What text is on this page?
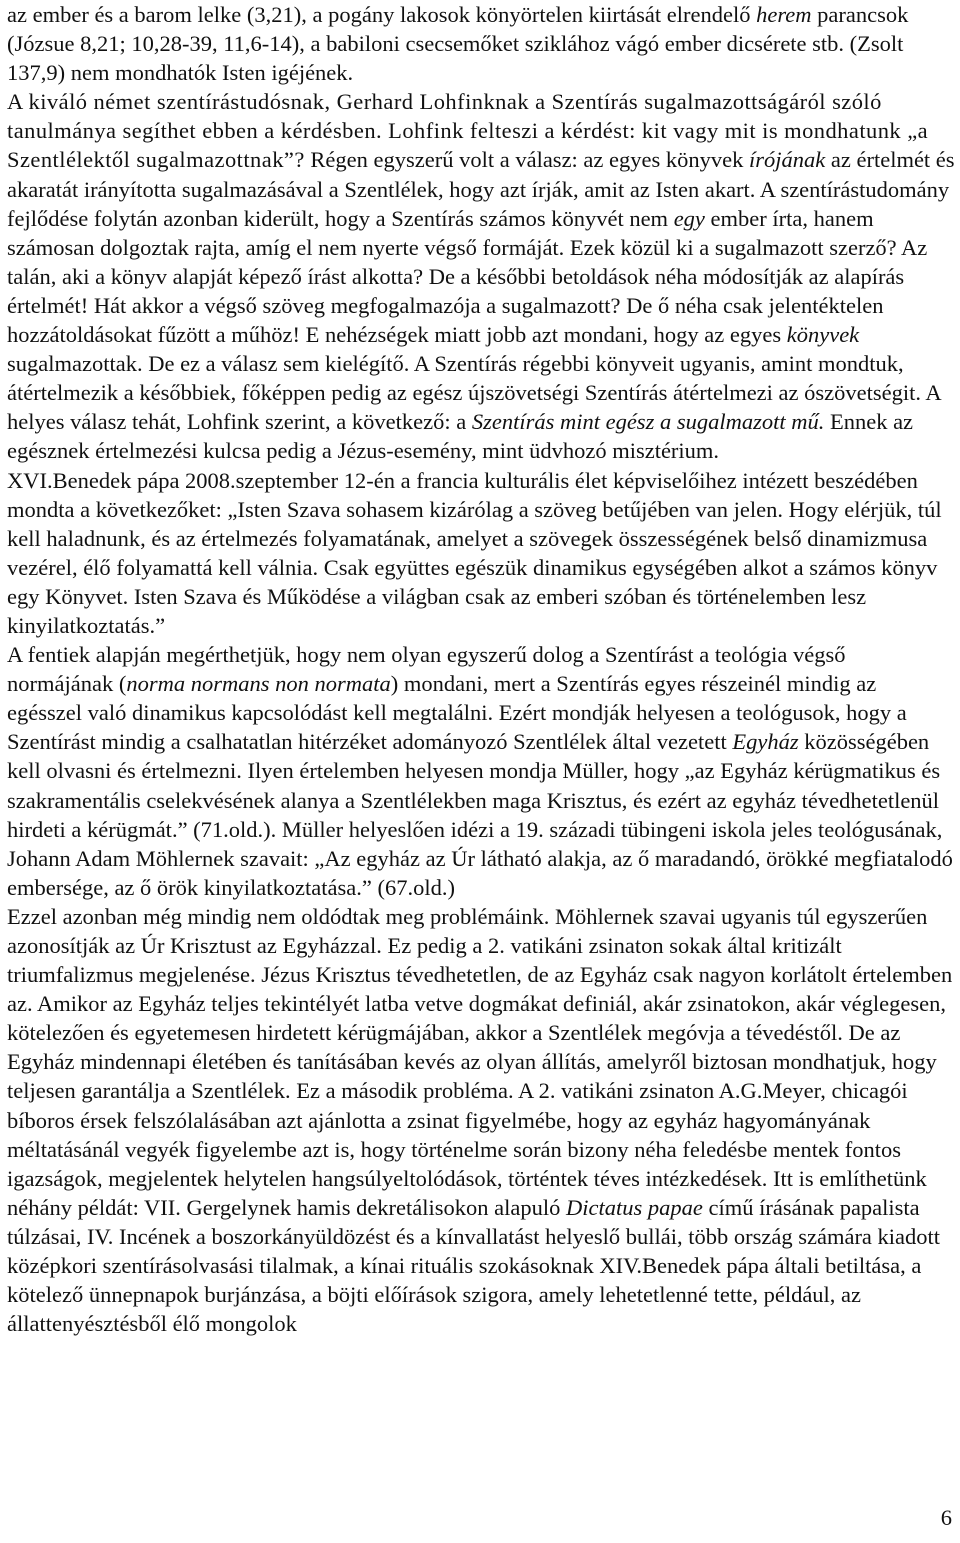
az ember és a barom lelke (3,21), a pogány lakosok könyörtelen kiirtását elrendelő herem parancsok (Józsue 8,21; 10,28-39, 11,6-14), a babiloni csecsemőket sziklához vágó ember dicsérete stb. (Zsolt 137,9) nem mondhatók Isten igéjének.

A kiváló német szentírástudósnak, Gerhard Lohfinknak a Szentírás sugalmazottságáról szóló tanulmánya segíthet ebben a kérdésben. Lohfink felteszi a kérdést: kit vagy mit is mondhatunk „a Szentlélektől sugalmazottnak”? Régen egyszerű volt a válasz: az egyes könyvek írójának az értelmét és akaratát irányította sugalmazásával a Szentlélek, hogy azt írják, amit az Isten akart. A szentírástudomány fejlődése folytán azonban kiderült, hogy a Szentírás számos könyvét nem egy ember írta, hanem számosan dolgoztak rajta, amíg el nem nyerte végső formáját. Ezek közül ki a sugalmazott szerző? Az talán, aki a könyv alapját képező írást alkotta? De a későbbi betoldások néha módosítják az alapírás értelmét! Hát akkor a végső szöveg megfogalmazója a sugalmazott? De ő néha csak jelentéktelen hozzátoldásokat fűzött a műhöz! E nehézségek miatt jobb azt mondani, hogy az egyes könyvek sugalmazottak. De ez a válasz sem kielégítő. A Szentírás régebbi könyveit ugyanis, amint mondtuk, átértelmezik a későbbiek, főképpen pedig az egész újszövetségi Szentírás átértelmezi az ószövetségit. A helyes válasz tehát, Lohfink szerint, a következő: a Szentírás mint egész a sugalmazott mű. Ennek az egésznek értelmezési kulcsa pedig a Jézus-esemény, mint üdvhozó misztérium.

XVI.Benedek pápa 2008.szeptember 12-én a francia kulturális élet képviselőihez intézett beszédében mondta a következőket: „Isten Szava sohasem kizárólag a szöveg betűjében van jelen. Hogy elérjük, túl kell haladnunk, és az értelmezés folyamatának, amelyet a szövegek összességének belső dinamizmusa vezérel, élő folyamattá kell válnia. Csak együttes egészük dinamikus egységében alkot a számos könyv egy Könyvet. Isten Szava és Működése a világban csak az emberi szóban és történelemben lesz kinyilatkoztatás.”

A fentiek alapján megérthetjük, hogy nem olyan egyszerű dolog a Szentírást a teológia végső normájának (norma normans non normata) mondani, mert a Szentírás egyes részeinél mindig az egésszel való dinamikus kapcsolódást kell megtalálni. Ezért mondják helyesen a teológusok, hogy a Szentírást mindig a csalhatatlan hitérzéket adományozó Szentlélek által vezetett Egyház közösségében kell olvasni és értelmezni. Ilyen értelemben helyesen mondja Müller, hogy „az Egyház kérügmatikus és szakramentális cselekvésének alanya a Szentlélekben maga Krisztus, és ezért az egyház tévedhetetlenül hirdeti a kérügmát.” (71.old.). Müller helyeslően idézi a 19. századi tübingeni iskola jeles teológusának, Johann Adam Möhlernek szavait: „Az egyház az Úr látható alakja, az ő maradandó, örökké megfiatalodó embersége, az ő örök kinyilatkoztatása.” (67.old.)

Ezzel azonban még mindig nem oldódtak meg problémáink. Möhlernek szavai ugyanis túl egyszerűen azonosítják az Úr Krisztust az Egyházzal. Ez pedig a 2. vatikáni zsinaton sokak által kritizált triumfalizmus megjelenése. Jézus Krisztus tévedhetetlen, de az Egyház csak nagyon korlátolt értelemben az. Amikor az Egyház teljes tekintélyét latba vetve dogmákat definiál, akár zsinatokon, akár véglegesen, kötelezően és egyetemesen hirdetett kérügmájában, akkor a Szentlélek megóvja a tévedéstől. De az Egyház mindennapi életében és tanításában kevés az olyan állítás, amelyről biztosan mondhatjuk, hogy teljesen garantálja a Szentlélek. Ez a második probléma. A 2. vatikáni zsinaton A.G.Meyer, chicagói bíboros érsek felszólalásában azt ajánlotta a zsinat figyelmébe, hogy az egyház hagyományának méltatásánál vegyék figyelembe azt is, hogy történelme során bizony néha feledésbe mentek fontos igazságok, megjelentek helytelen hangsúlyeltolódások, történtek téves intézkedések. Itt is említhetünk néhány példát: VII. Gergelynek hamis dekretálisokon alapuló Dictatus papae című írásának papalista túlzásai, IV. Incének a boszorkányüldözést és a kínvallatást helyeslő bullái, több ország számára kiadott középkori szentírásolvasási tilalmak, a kínai rituális szokásoknak XIV.Benedek pápa általi betiltása, a kötelező ünnepnapok burjánzása, a böjti előírások szigora, amely lehetetlenné tette, például, az állattenyésztésből élő mongolok

6
